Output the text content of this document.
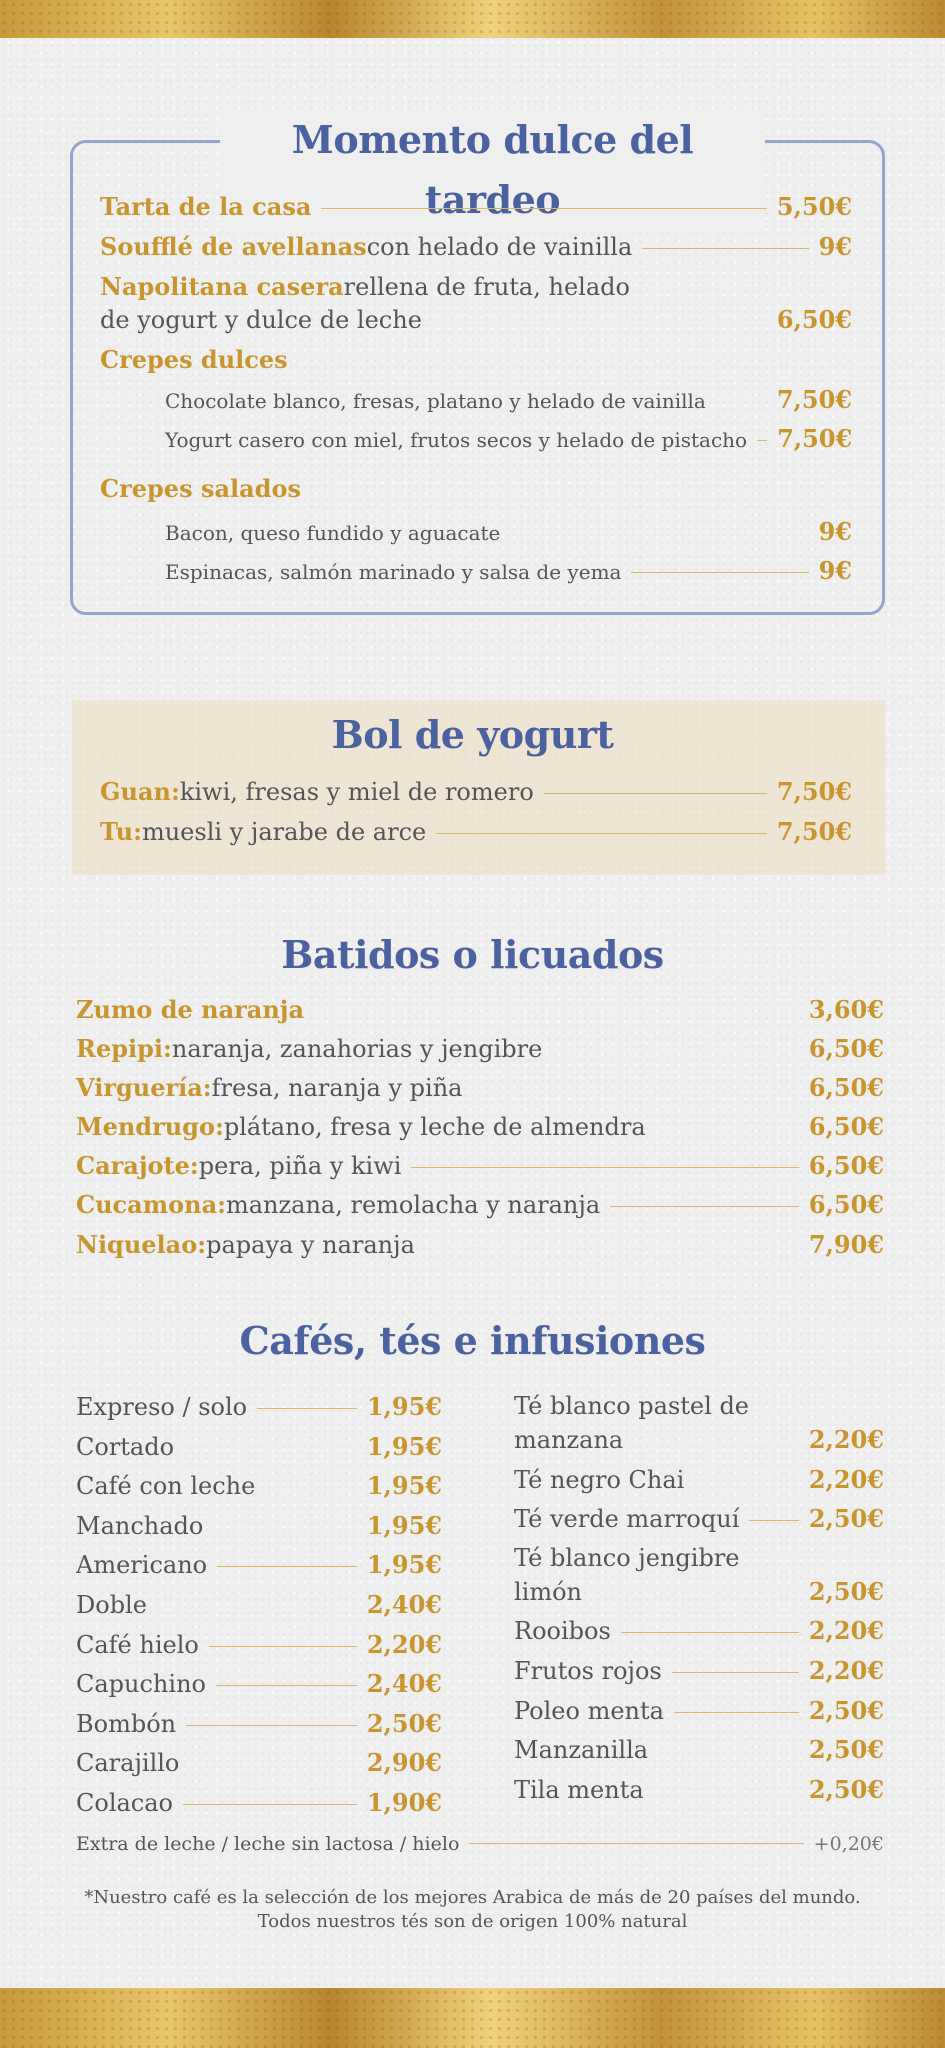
Momento dulce del tardeo
Tarta de la casa	5,50€
Soufflé de avellanas con helado de vainilla	9€
Napolitana casera rellena de fruta, helado
de yogurt y dulce de leche	6,50€
Crepes dulces
Chocolate blanco, fresas, platano y helado de vainilla	7,50€
Yogurt casero con miel, frutos secos y helado de pistacho 7,50€
Crepes salados
Bacon, queso fundido y aguacate	9€
Espinacas, salmón marinado y salsa de yema	9€
Bol de yogurt
Guan: kiwi, fresas y miel de romero	7,50€
Tu: muesli y jarabe de arce	7,50€
Batidos o licuados
Zumo de naranja	3,60€
Repipi: naranja, zanahorias y jengibre	6,50€
Virguería: fresa, naranja y piña	6,50€
Mendrugo: plátano, fresa y leche de almendra	6,50€
Carajote: pera, piña y kiwi	6,50€
Cucamona: manzana, remolacha y naranja	6,50€
Niquelao: papaya y naranja	7,90€
Cafés, tés e infusiones
Expreso / solo	1,95€
Cortado	1,95€
Café con leche	1,95€
Manchado	1,95€
Americano	1,95€
Doble	2,40€
Café hielo	2,20€
Capuchino	2,40€
Bombón	2,50€
Carajillo	2,90€
Colacao	1,90€
Té blanco pastel de
manzana	2,20€
Té negro Chai	2,20€
Té verde marroquí	2,50€
Té blanco jengibre
limón	2,50€
Rooibos	2,20€
Frutos rojos	2,20€
Poleo menta	2,50€
Manzanilla	2,50€
Tila menta	2,50€
Extra de leche / leche sin lactosa / hielo	+0,20€
*Nuestro café es la selección de los mejores Arabica de más de 20 países del mundo.
Todos nuestros tés son de origen 100% natural
